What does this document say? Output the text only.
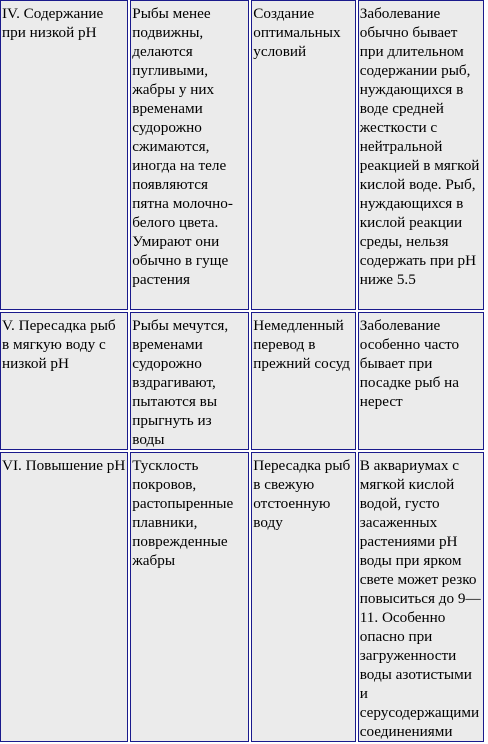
IV. Содержание при низкой pH	Рыбы менее подвижны, делаются пугливыми, жабры у них временами судорожно сжимаются, иногда на теле появляются пятна молочно-белого цвета. Умирают они обычно в гуще растения	Создание оптимальных условий	Заболевание обычно бывает при длительном содержании рыб, нуждающихся в воде средней жесткости с нейтральной реакцией в мягкой кислой воде. Рыб, нуждающихся в кислой реакции среды, нельзя содержать при pH ниже 5.5
V. Пересадка рыб в мягкую воду с низкой pH	Рыбы мечутся, временами судорожно вздрагивают, пытаются вы прыгнуть из воды	Немедленный перевод в прежний сосуд	Заболевание особенно часто бывает при посадке рыб на нерест
VI. Повышение pH	Тусклость покровов, растопыренные плавники, поврежденные жабры	Пересадка рыб в свежую отстоенную воду	В аквариумах с мягкой кислой водой, густо засаженных растениями pH воды при ярком свете может резко повыситься до 9—11. Особенно опасно при загруженности воды азотистыми и серусодержащими соединениями
